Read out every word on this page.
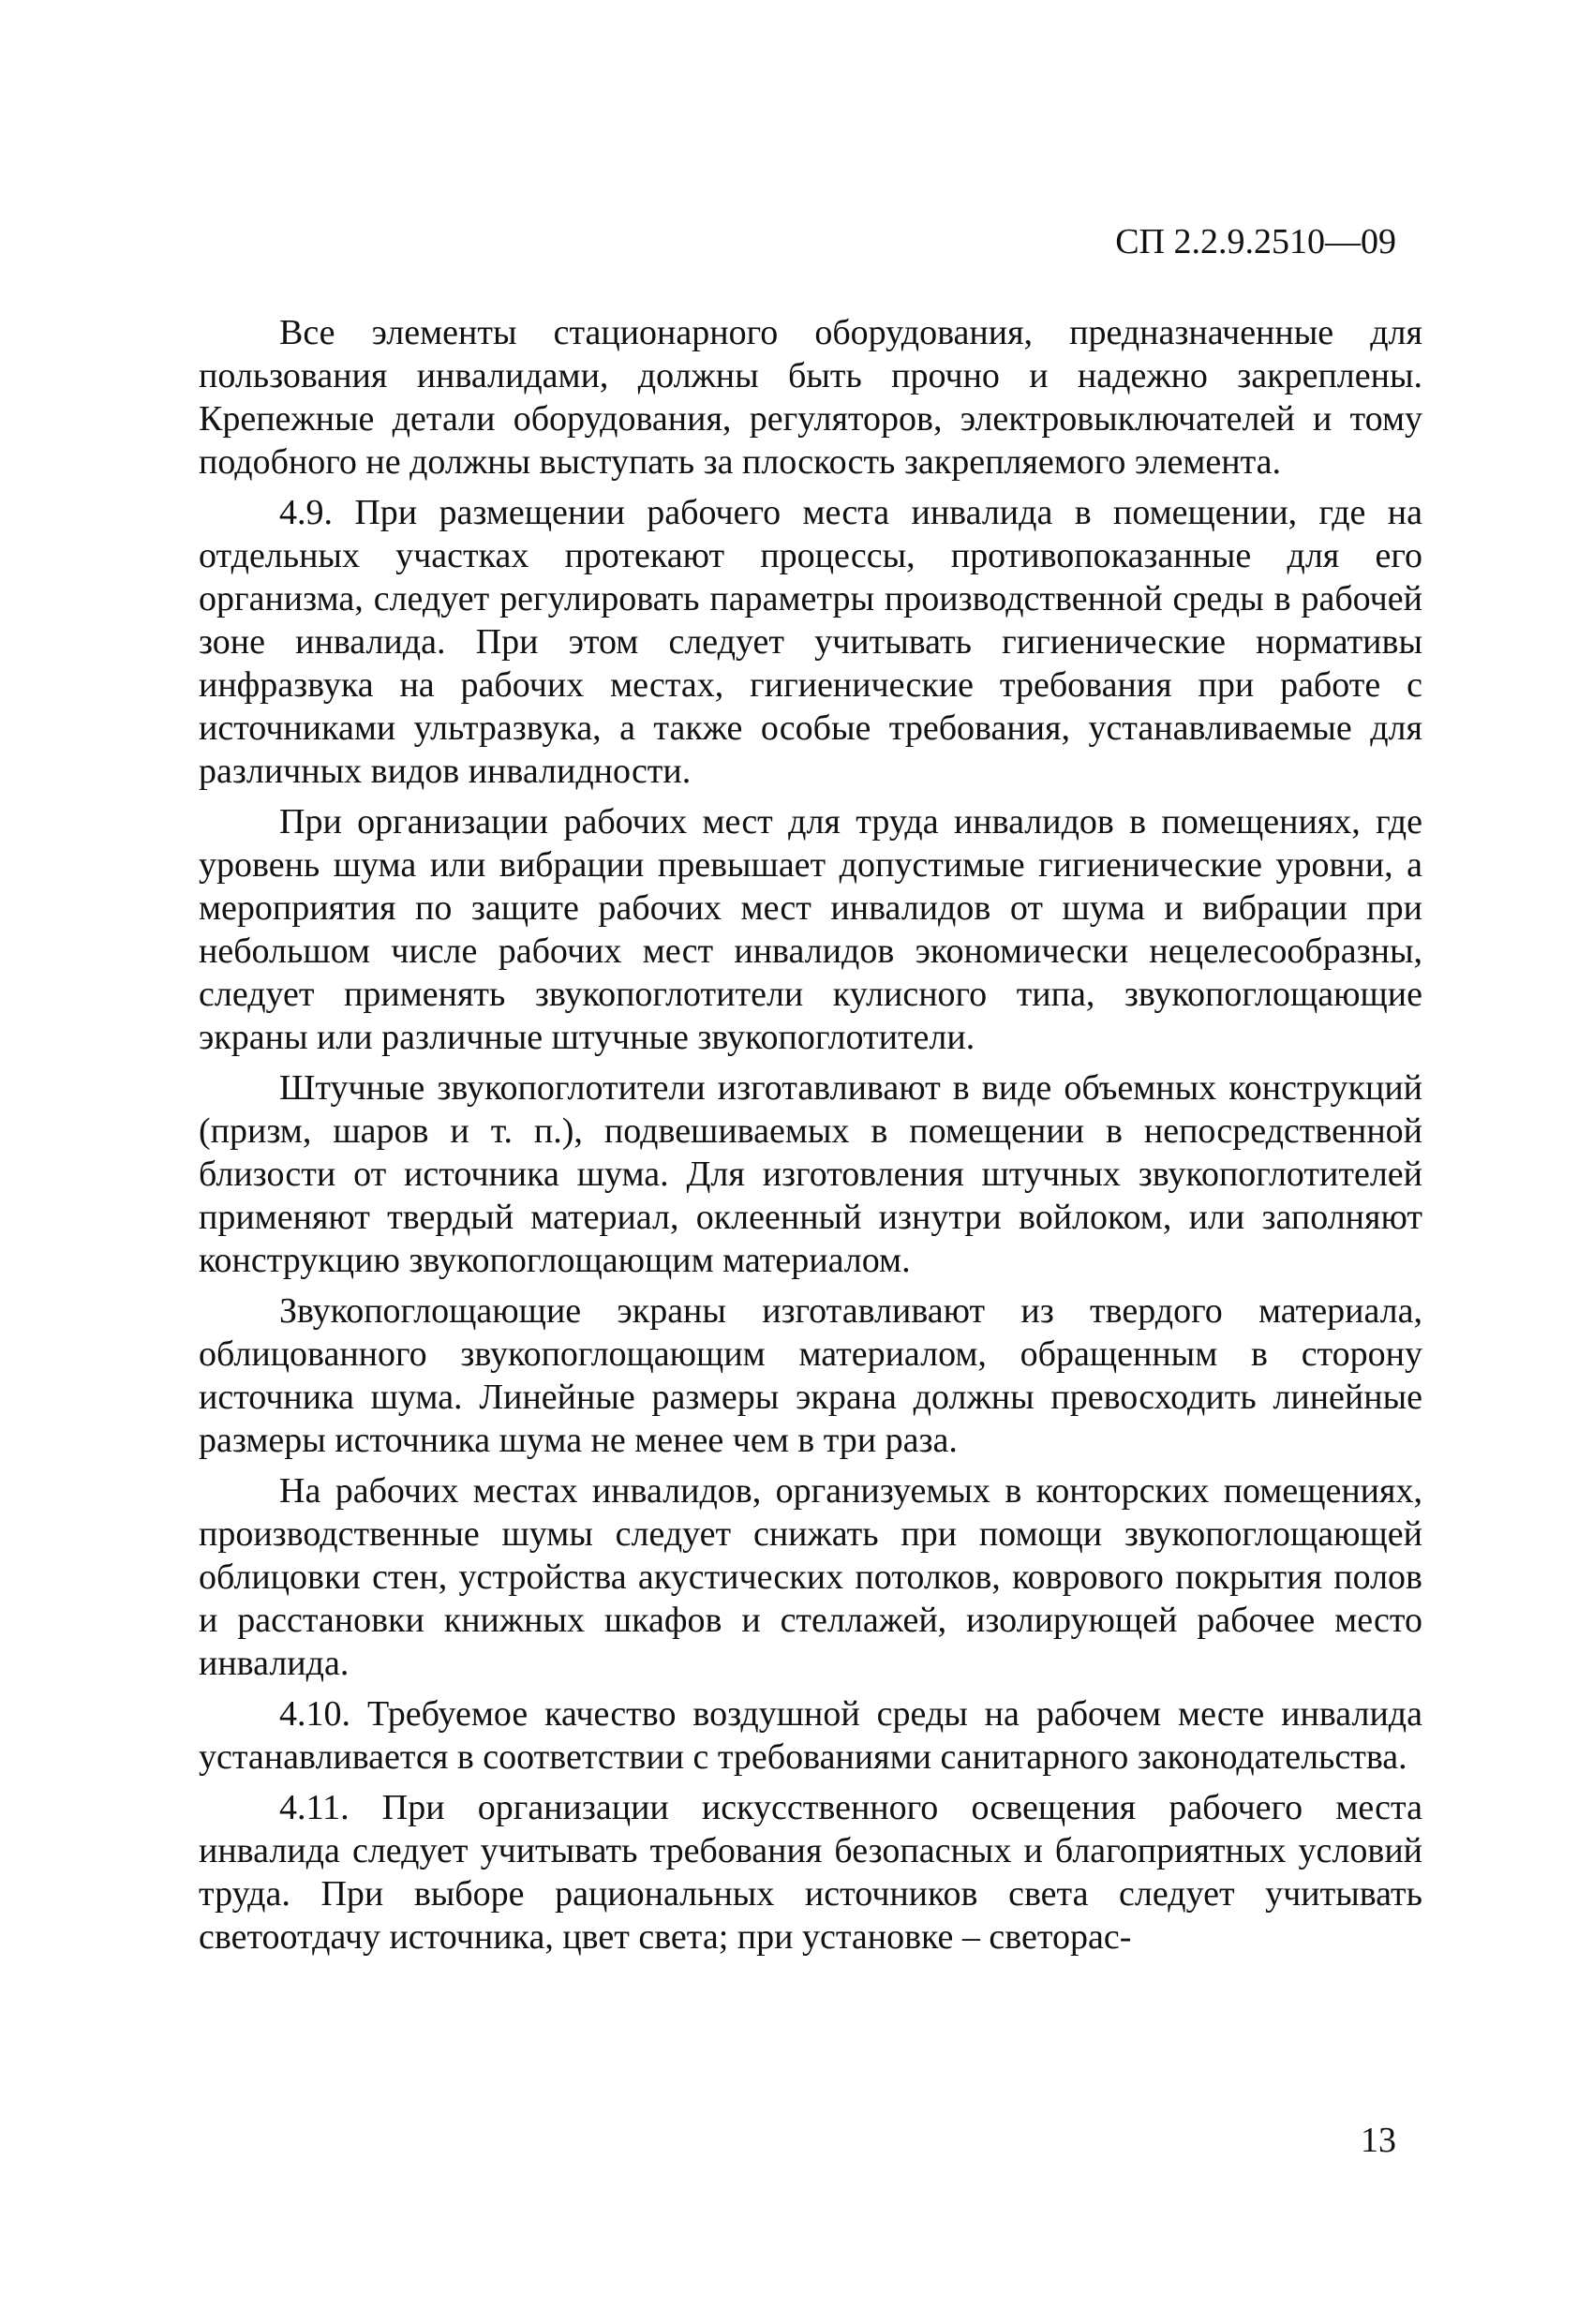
СП 2.2.9.2510—09

Все элементы стационарного оборудования, предназначенные для пользования инвалидами, должны быть прочно и надежно закреплены. Крепежные детали оборудования, регуляторов, электровыключателей и тому подобного не должны выступать за плоскость закрепляемого элемента.

4.9. При размещении рабочего места инвалида в помещении, где на отдельных участках протекают процессы, противопоказанные для его организма, следует регулировать параметры производственной среды в рабочей зоне инвалида. При этом следует учитывать гигиенические нормативы инфразвука на рабочих местах, гигиенические требования при работе с источниками ультразвука, а также особые требования, устанавливаемые для различных видов инвалидности.

При организации рабочих мест для труда инвалидов в помещениях, где уровень шума или вибрации превышает допустимые гигиенические уровни, а мероприятия по защите рабочих мест инвалидов от шума и вибрации при небольшом числе рабочих мест инвалидов экономически нецелесообразны, следует применять звукопоглотители кулисного типа, звукопоглощающие экраны или различные штучные звукопоглотители.

Штучные звукопоглотители изготавливают в виде объемных конструкций (призм, шаров и т. п.), подвешиваемых в помещении в непосредственной близости от источника шума. Для изготовления штучных звукопоглотителей применяют твердый материал, оклеенный изнутри войлоком, или заполняют конструкцию звукопоглощающим материалом.

Звукопоглощающие экраны изготавливают из твердого материала, облицованного звукопоглощающим материалом, обращенным в сторону источника шума. Линейные размеры экрана должны превосходить линейные размеры источника шума не менее чем в три раза.

На рабочих местах инвалидов, организуемых в конторских помещениях, производственные шумы следует снижать при помощи звукопоглощающей облицовки стен, устройства акустических потолков, коврового покрытия полов и расстановки книжных шкафов и стеллажей, изолирующей рабочее место инвалида.

4.10. Требуемое качество воздушной среды на рабочем месте инвалида устанавливается в соответствии с требованиями санитарного законодательства.

4.11. При организации искусственного освещения рабочего места инвалида следует учитывать требования безопасных и благоприятных условий труда. При выборе рациональных источников света следует учитывать светоотдачу источника, цвет света; при установке – светорас-

13
